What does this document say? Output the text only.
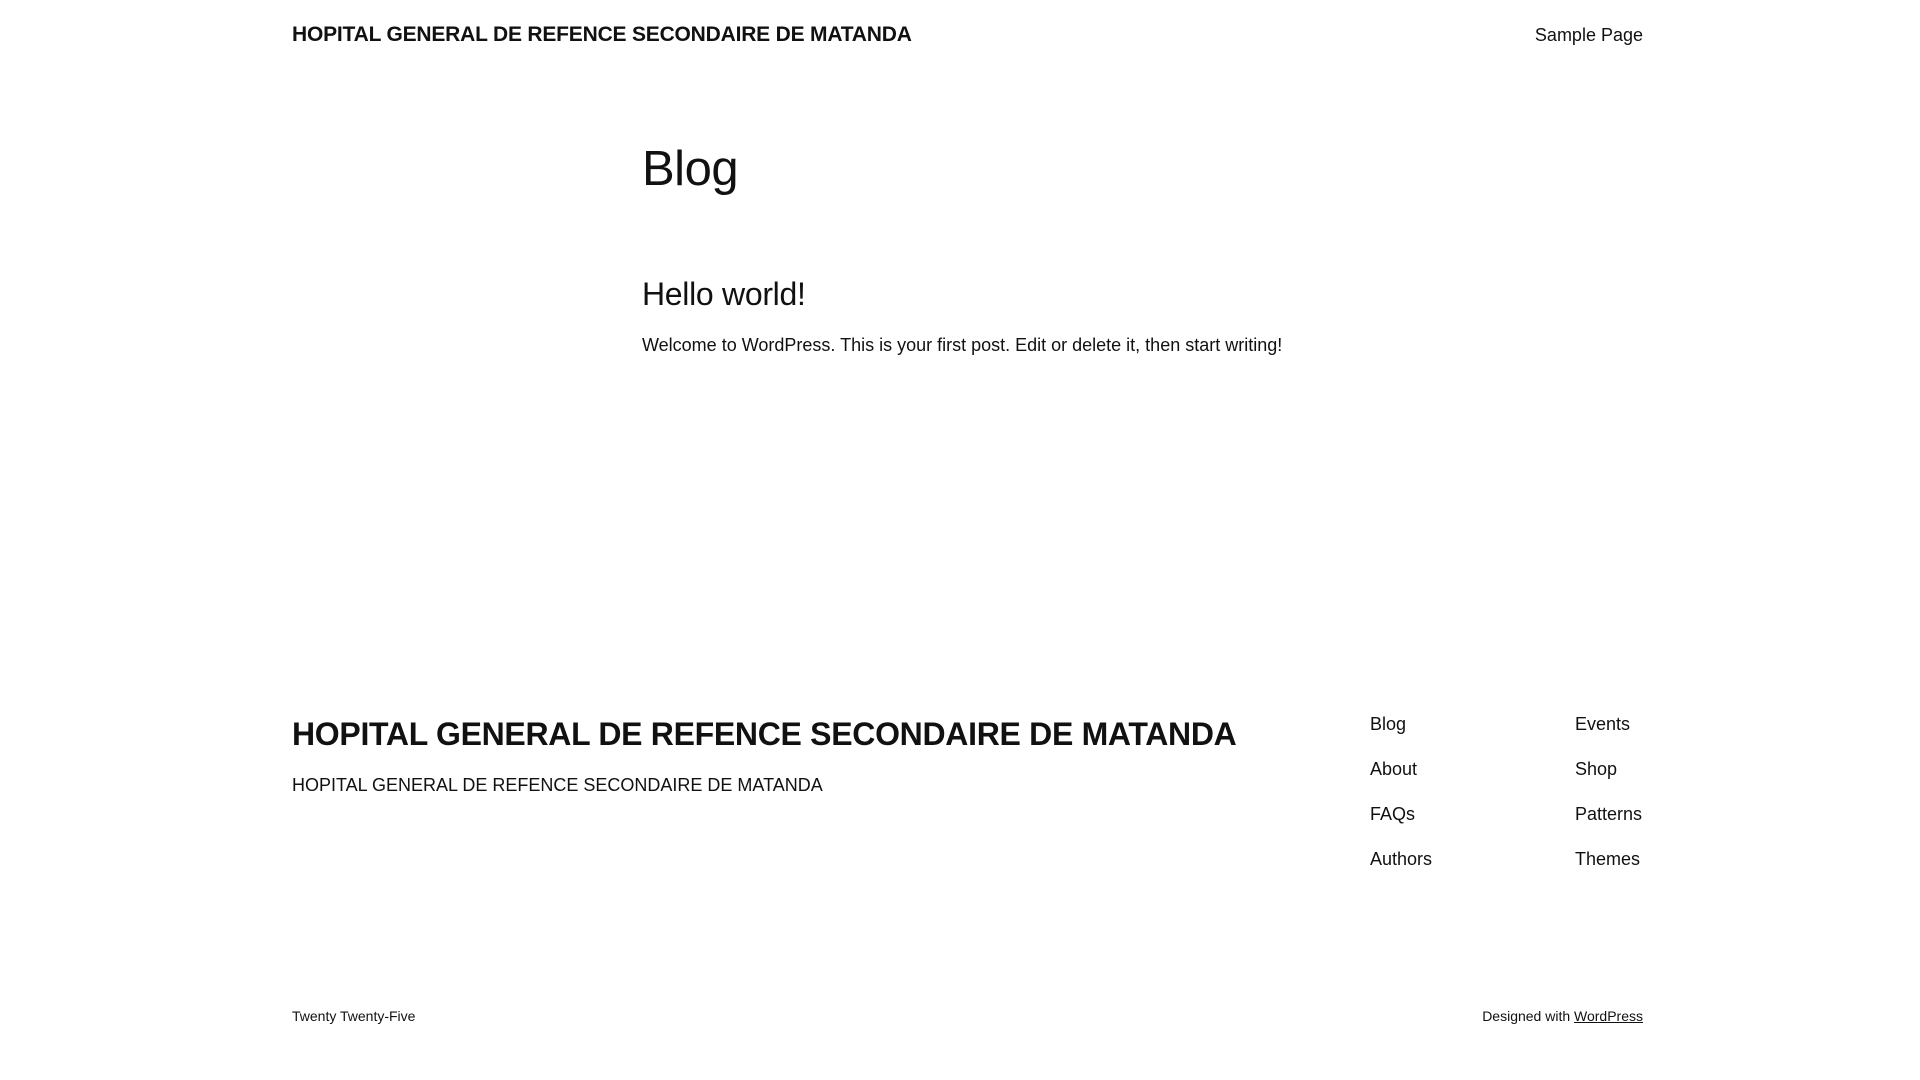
HOPITAL GENERAL DE REFENCE SECONDAIRE DE MATANDA	Sample Page
Blog
Hello world!

Welcome to WordPress. This is your first post. Edit or delete it, then start writing!

HOPITAL GENERAL DE REFENCE SECONDAIRE DE MATANDA

HOPITAL GENERAL DE REFENCE SECONDAIRE DE MATANDA

Blog
About
FAQs
Authors
Events
Shop
Patterns
Themes
Twenty Twenty-Five	Designed with WordPress
